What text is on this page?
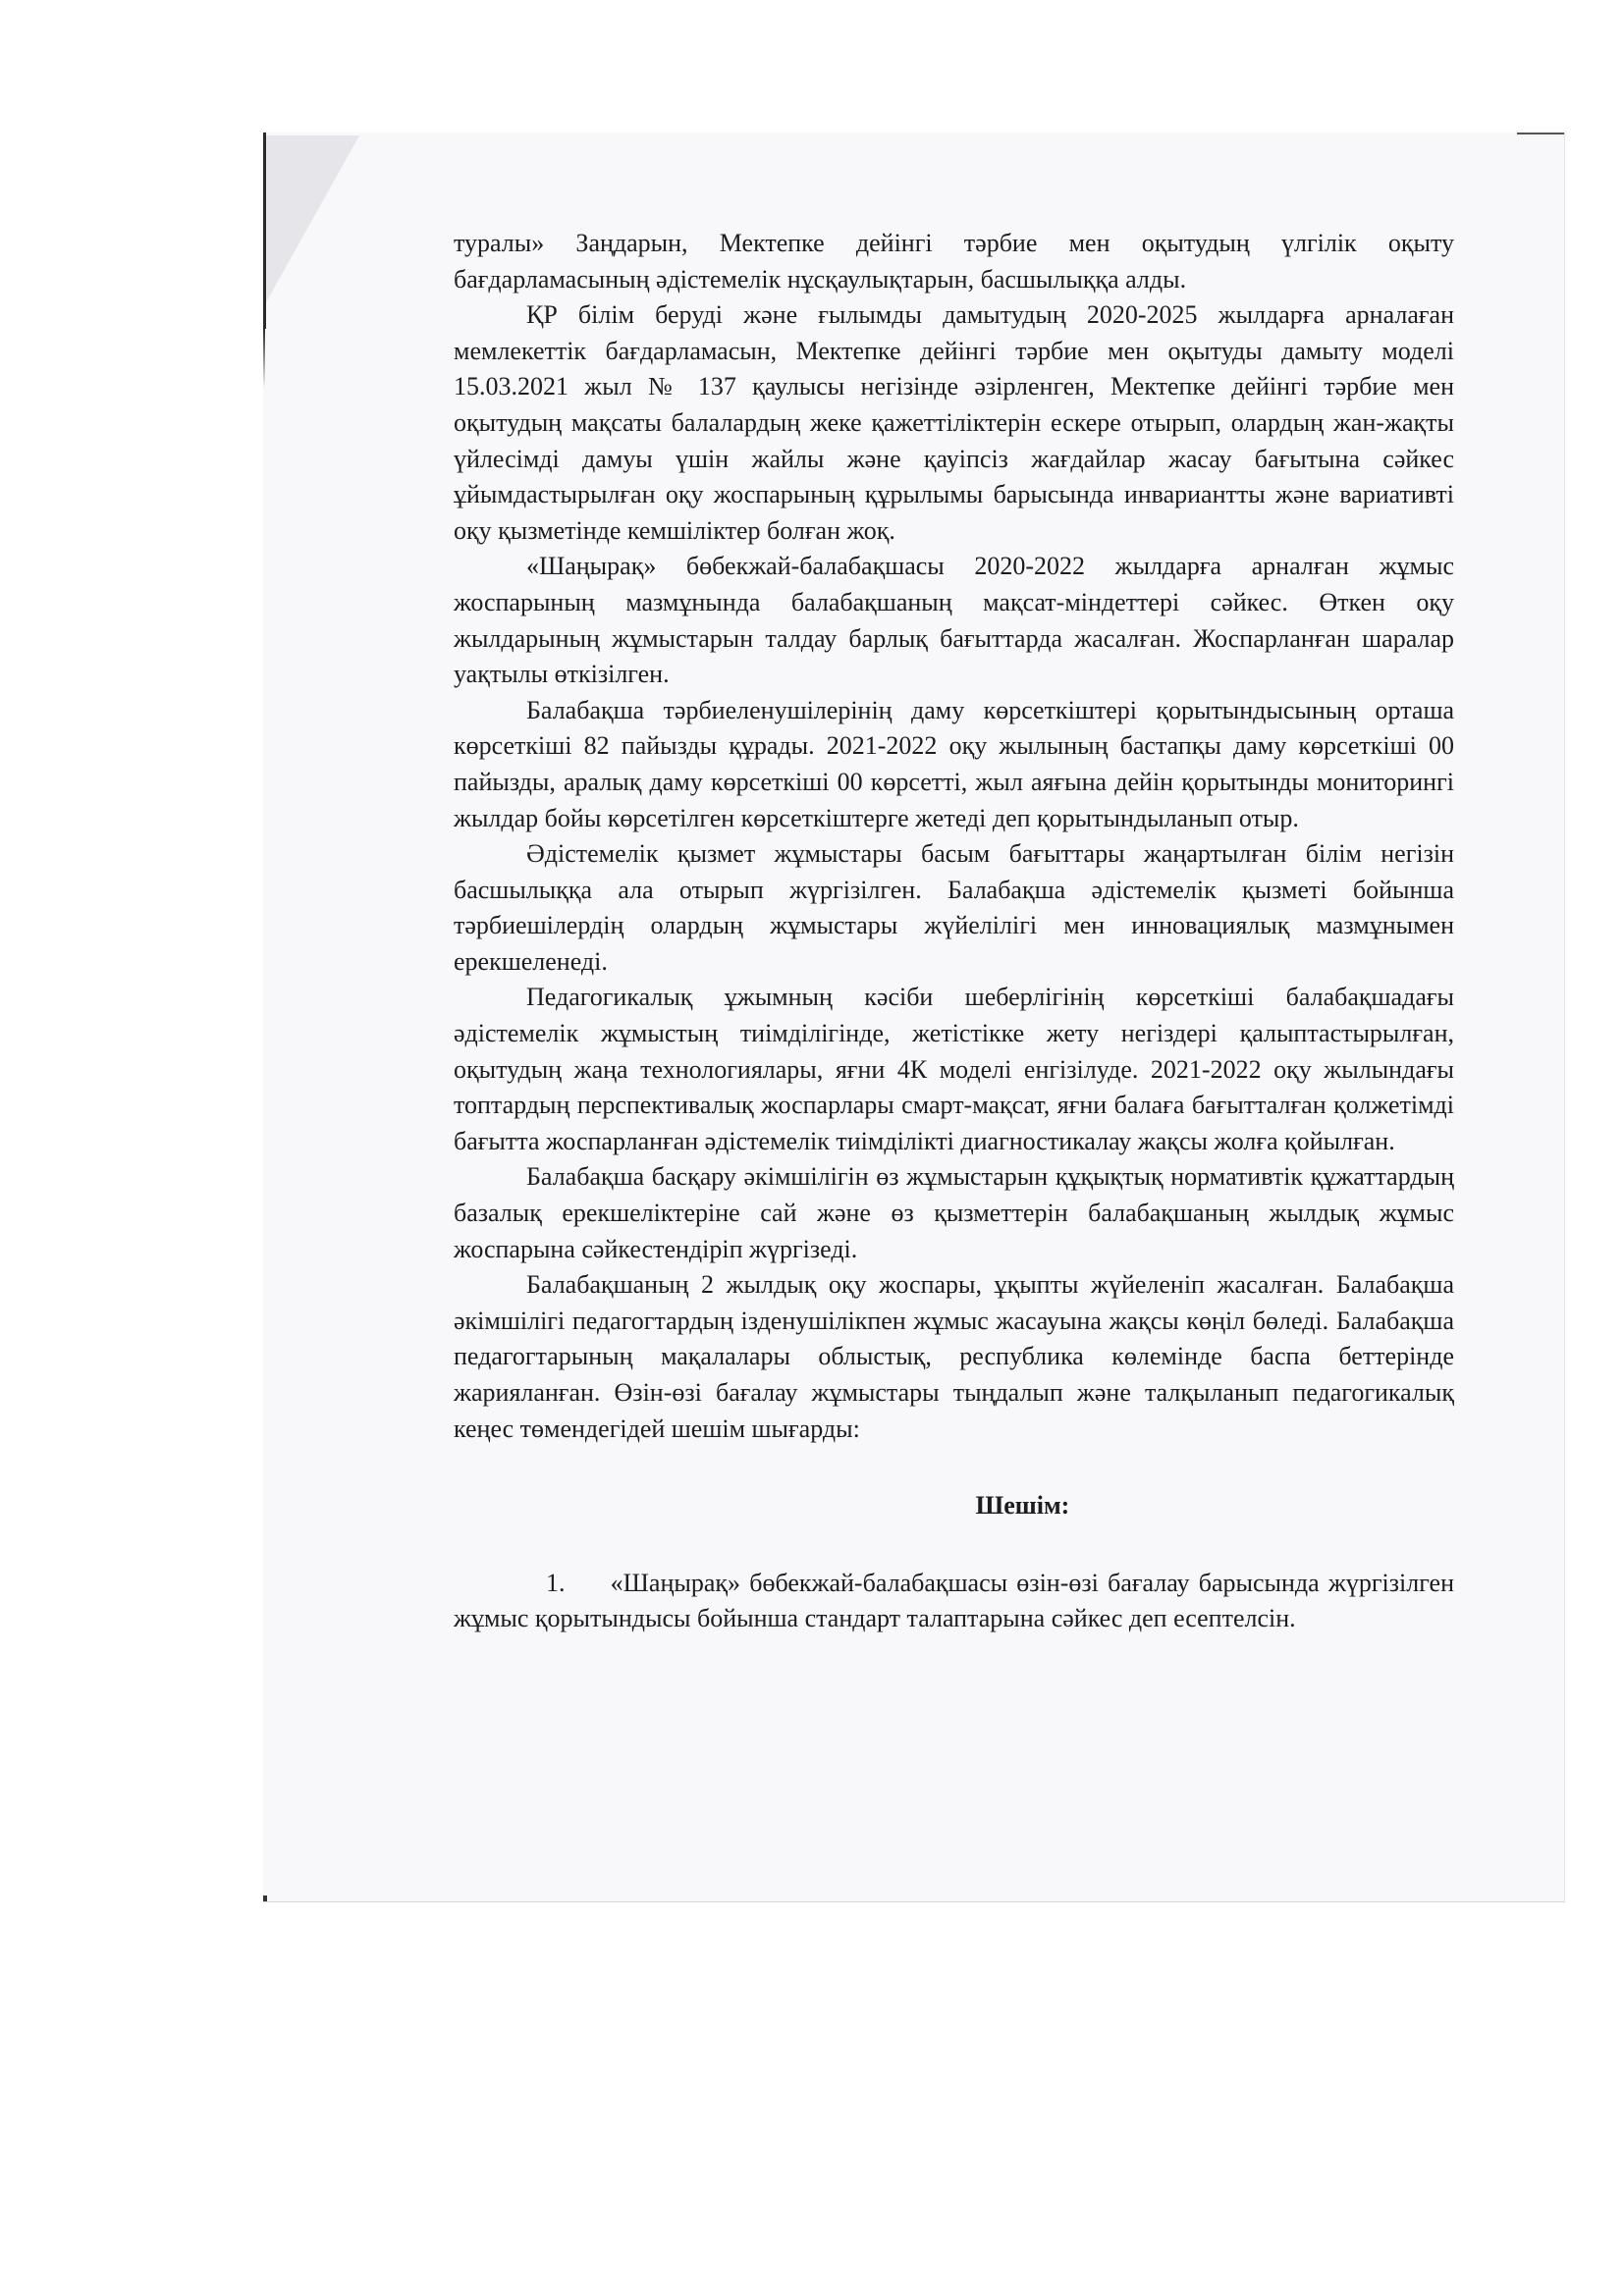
туралы» Заңдарын, Мектепке дейінгі тәрбие мен оқытудың үлгілік оқыту бағдарламасының әдістемелік нұсқаулықтарын, басшылыққа алды.

ҚР білім беруді және ғылымды дамытудың 2020-2025 жылдарға арналаған мемлекеттік бағдарламасын, Мектепке дейінгі тәрбие мен оқытуды дамыту моделі 15.03.2021 жыл № 137 қаулысы негізінде әзірленген, Мектепке дейінгі тәрбие мен оқытудың мақсаты балалардың жеке қажеттіліктерін ескере отырып, олардың жан-жақты үйлесімді дамуы үшін жайлы және қауіпсіз жағдайлар жасау бағытына сәйкес ұйымдастырылған оқу жоспарының құрылымы барысында инвариантты және вариативті оқу қызметінде кемшіліктер болған жоқ.

«Шаңырақ» бөбекжай-балабақшасы 2020-2022 жылдарға арналған жұмыс жоспарының мазмұнында балабақшаның мақсат-міндеттері сәйкес. Өткен оқу жылдарының жұмыстарын талдау барлық бағыттарда жасалған. Жоспарланған шаралар уақтылы өткізілген.

Балабақша тәрбиеленушілерінің даму көрсеткіштері қорытындысының орташа көрсеткіші 82 пайызды құрады. 2021-2022 оқу жылының бастапқы даму көрсеткіші 00 пайызды, аралық даму көрсеткіші 00 көрсетті, жыл аяғына дейін қорытынды мониторингі жылдар бойы көрсетілген көрсеткіштерге жетеді деп қорытындыланып отыр.

Әдістемелік қызмет жұмыстары басым бағыттары жаңартылған білім негізін басшылыққа ала отырып жүргізілген. Балабақша әдістемелік қызметі бойынша тәрбиешілердің олардың жұмыстары жүйелілігі мен инновациялық мазмұнымен ерекшеленеді.

Педагогикалық ұжымның кәсіби шеберлігінің көрсеткіші балабақшадағы әдістемелік жұмыстың тиімділігінде, жетістікке жету негіздері қалыптастырылған, оқытудың жаңа технологиялары, яғни 4К моделі енгізілуде. 2021-2022 оқу жылындағы топтардың перспективалық жоспарлары смарт-мақсат, яғни балаға бағытталған қолжетімді бағытта жоспарланған әдістемелік тиімділікті диагностикалау жақсы жолға қойылған.

Балабақша басқару әкімшілігін өз жұмыстарын құқықтық нормативтік құжаттардың базалық ерекшеліктеріне сай және өз қызметтерін балабақшаның жылдық жұмыс жоспарына сәйкестендіріп жүргізеді.

Балабақшаның 2 жылдық оқу жоспары, ұқыпты жүйеленіп жасалған. Балабақша әкімшілігі педагогтардың ізденушілікпен жұмыс жасауына жақсы көңіл бөледі. Балабақша педагогтарының мақалалары облыстық, республика көлемінде баспа беттерінде жарияланған. Өзін-өзі бағалау жұмыстары тыңдалып және талқыланып педагогикалық кеңес төмендегідей шешім шығарды:

Шешім:

1. «Шаңырақ» бөбекжай-балабақшасы өзін-өзі бағалау барысында жүргізілген жұмыс қорытындысы бойынша стандарт талаптарына сәйкес деп есептелсін.
